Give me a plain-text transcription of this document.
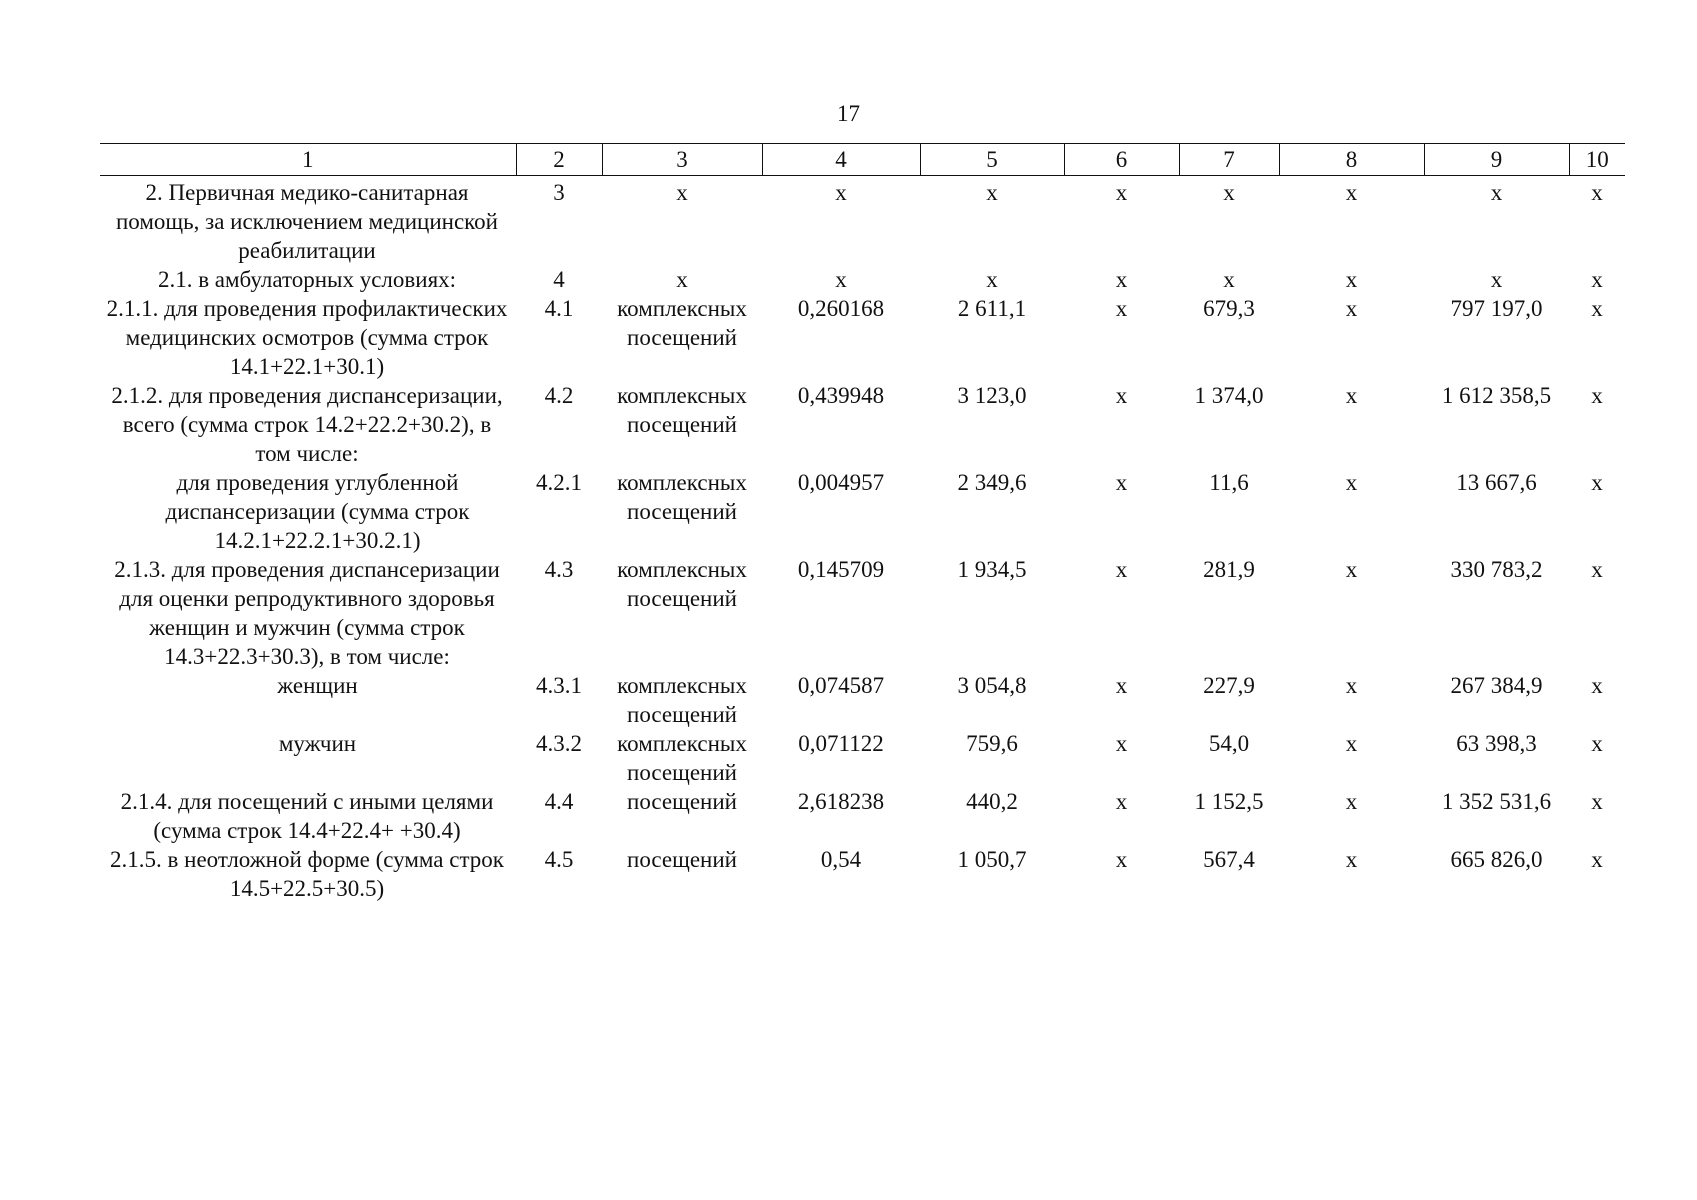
17
1	2	3	4	5	6	7	8	9	10
2. Первичная медико-санитарная помощь, за исключением медицинской реабилитации	3	х	х	х	х	х	х	х	х
2.1. в амбулаторных условиях:	4	х	х	х	х	х	х	х	х
2.1.1. для проведения профилактических медицинских осмотров (сумма строк 14.1+22.1+30.1)	4.1	комплексных посещений	0,260168	2 611,1	х	679,3	х	797 197,0	х
2.1.2. для проведения диспансеризации, всего (сумма строк 14.2+22.2+30.2), в том числе:	4.2	комплексных посещений	0,439948	3 123,0	х	1 374,0	х	1 612 358,5	х
для проведения углубленной диспансеризации (сумма строк 14.2.1+22.2.1+30.2.1)	4.2.1	комплексных посещений	0,004957	2 349,6	х	11,6	х	13 667,6	х
2.1.3. для проведения диспансеризации для оценки репродуктивного здоровья женщин и мужчин (сумма строк 14.3+22.3+30.3), в том числе:	4.3	комплексных посещений	0,145709	1 934,5	х	281,9	х	330 783,2	х
женщин	4.3.1	комплексных посещений	0,074587	3 054,8	х	227,9	х	267 384,9	х
мужчин	4.3.2	комплексных посещений	0,071122	759,6	х	54,0	х	63 398,3	х
2.1.4. для посещений с иными целями (сумма строк 14.4+22.4+ +30.4)	4.4	посещений	2,618238	440,2	х	1 152,5	х	1 352 531,6	х
2.1.5. в неотложной форме (сумма строк 14.5+22.5+30.5)	4.5	посещений	0,54	1 050,7	х	567,4	х	665 826,0	х
